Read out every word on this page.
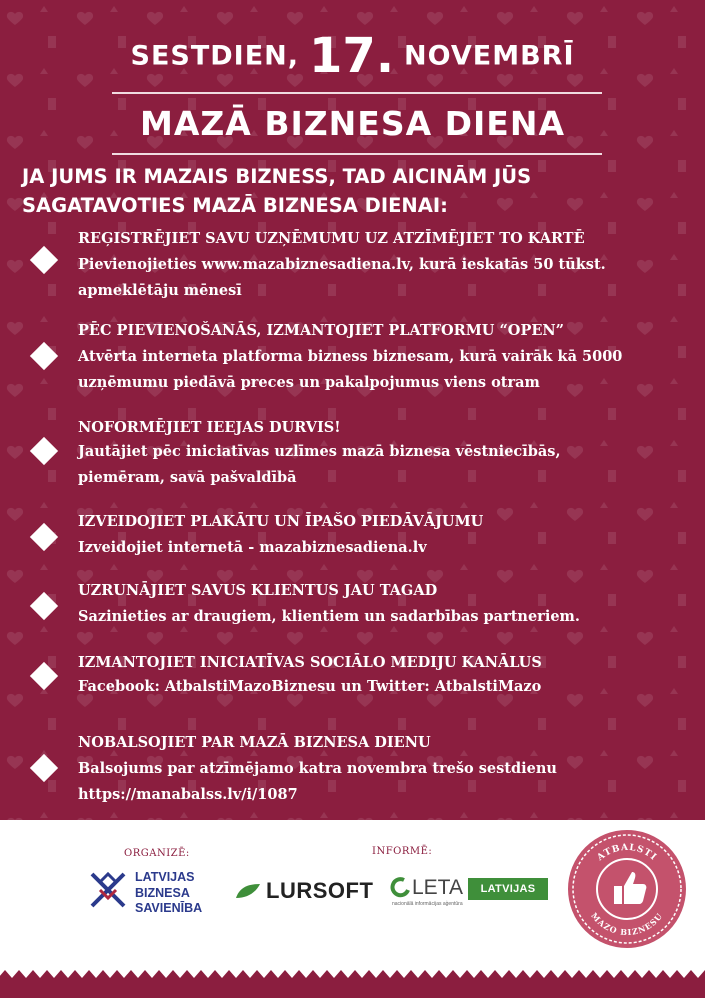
SESTDIEN, 17. NOVEMBRĪ
MAZĀ BIZNESA DIENA
JA JUMS IR MAZAIS BIZNESS, TAD AICINĀM JŪS
SAGATAVOTIES MAZĀ BIZNESA DIENAI:
REĢISTRĒJIET SAVU UZŅĒMUMU UZ ATZĪMĒJIET TO KARTĒ
Pievienojieties www.mazabiznesadiena.lv, kurā ieskatās 50 tūkst.
apmeklētāju mēnesī
PĒC PIEVIENOŠANĀS, IZMANTOJIET PLATFORMU “OPEN”
Atvērta interneta platforma bizness biznesam, kurā vairāk kā 5000
uzņēmumu piedāvā preces un pakalpojumus viens otram
NOFORMĒJIET IEEJAS DURVIS!
Jautājiet pēc iniciatīvas uzlīmes mazā biznesa vēstniecībās,
piemēram, savā pašvaldībā
IZVEIDOJIET PLAKĀTU UN ĪPAŠO PIEDĀVĀJUMU
Izveidojiet internetā - mazabiznesadiena.lv
UZRUNĀJIET SAVUS KLIENTUS JAU TAGAD
Sazinieties ar draugiem, klientiem un sadarbības partneriem.
IZMANTOJIET INICIATĪVAS SOCIĀLO MEDIJU KANĀLUS
Facebook: AtbalstiMazoBiznesu un Twitter: AtbalstiMazo
NOBALSOJIET PAR MAZĀ BIZNESA DIENU
Balsojums par atzīmējamo katra novembra trešo sestdienu
https://manabalss.lv/i/1087
ORGANIZĒ:	INFORMĒ:
LATVIJAS
BIZNESA
SAVIENĪBA
LURSOFT LETA
nacionālā informācijas aģentūra
LATVIJAS AVĪZE
ATBALSTI
MAZO BIZNESU
